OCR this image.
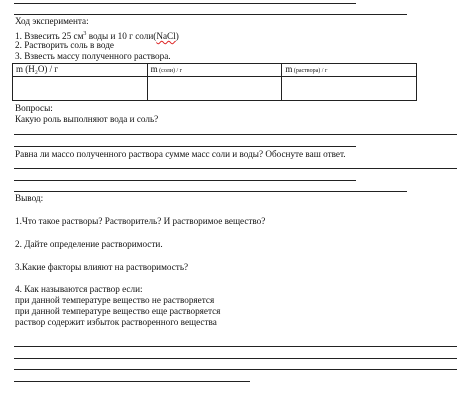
Ход эксперимента:
1. Взвесить 25 $см^3$ воды и 10 г соли(NaCl)
2. Растворить соль в воде
3. Взвесть массу полученного раствора.
m (H₂O) / г	m (соли) / г	m (раствора) / г

Вопросы:
Какую роль выполняют вода и соль?
Равна ли массо полученного раствора сумме масс соли и воды? Обоснуте ваш ответ.
Вывод:
1.Что такое растворы? Растворитель? И растворимое вещество?
2. Дайте определение растворимости.
3.Какие факторы влияют на растворимость?
4. Как называются раствор если:
при данной температуре вещество не растворяется
при данной температуре вещество еще растворяется
раствор содержит избыток растворенного вещества
